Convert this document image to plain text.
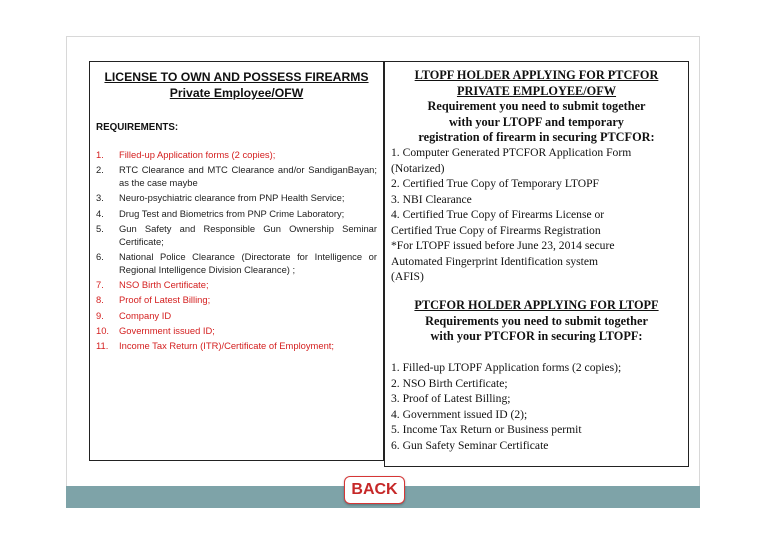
LICENSE TO OWN AND POSSESS FIREARMS
Private Employee/OFW
REQUIREMENTS:
1. Filled-up Application forms (2 copies);
2. RTC Clearance and MTC Clearance and/or SandiganBayan; as the case maybe
3. Neuro-psychiatric clearance from PNP Health Service;
4. Drug Test and Biometrics from PNP Crime Laboratory;
5. Gun Safety and Responsible Gun Ownership Seminar Certificate;
6. National Police Clearance (Directorate for Intelligence or Regional Intelligence Division Clearance) ;
7. NSO Birth Certificate;
8. Proof of Latest Billing;
9. Company ID
10. Government issued ID;
11. Income Tax Return (ITR)/Certificate of Employment;
LTOPF HOLDER APPLYING FOR PTCFOR
PRIVATE EMPLOYEE/OFW
Requirement you need to submit together
with your LTOPF and temporary
registration of firearm in securing PTCFOR:
1. Computer Generated PTCFOR Application Form
(Notarized)
2. Certified True Copy of Temporary LTOPF
3. NBI Clearance
4. Certified True Copy of Firearms License or
Certified True Copy of Firearms Registration
*For LTOPF issued before June 23, 2014 secure
Automated Fingerprint Identification system
(AFIS)
PTCFOR HOLDER APPLYING FOR LTOPF
Requirements you need to submit together
with your PTCFOR in securing LTOPF:
1. Filled-up LTOPF Application forms (2 copies);
2. NSO Birth Certificate;
3. Proof of Latest Billing;
4. Government issued ID (2);
5. Income Tax Return or Business permit
6. Gun Safety Seminar Certificate
BACK
